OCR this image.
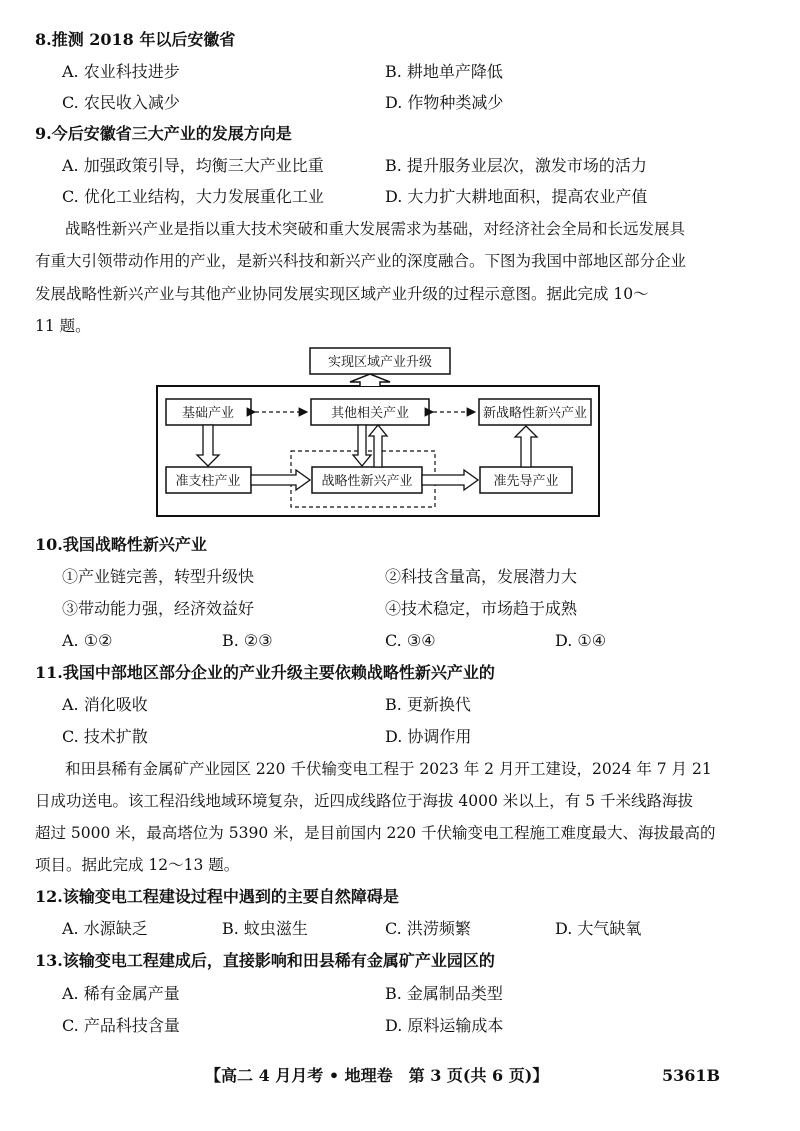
8.推测 2018 年以后安徽省
A. 农业科技进步	B. 耕地单产降低
C. 农民收入减少	D. 作物种类减少
9.今后安徽省三大产业的发展方向是
A. 加强政策引导，均衡三大产业比重	B. 提升服务业层次，激发市场的活力
C. 优化工业结构，大力发展重化工业	D. 大力扩大耕地面积，提高农业产值
战略性新兴产业是指以重大技术突破和重大发展需求为基础，对经济社会全局和长远发展具
有重大引领带动作用的产业，是新兴科技和新兴产业的深度融合。下图为我国中部地区部分企业
发展战略性新兴产业与其他产业协同发展实现区域产业升级的过程示意图。据此完成 10～
11 题。
实现区域产业升级
基础产业	其他相关产业	新战略性新兴产业
准支柱产业	战略性新兴产业	准先导产业
10.我国战略性新兴产业
①产业链完善，转型升级快	②科技含量高，发展潜力大
③带动能力强，经济效益好	④技术稳定，市场趋于成熟
A. ①②	B. ②③	C. ③④	D. ①④
11.我国中部地区部分企业的产业升级主要依赖战略性新兴产业的
A. 消化吸收	B. 更新换代
C. 技术扩散	D. 协调作用
和田县稀有金属矿产业园区 220 千伏输变电工程于 2023 年 2 月开工建设，2024 年 7 月 21
日成功送电。该工程沿线地域环境复杂，近四成线路位于海拔 4000 米以上，有 5 千米线路海拔
超过 5000 米，最高塔位为 5390 米，是目前国内 220 千伏输变电工程施工难度最大、海拔最高的
项目。据此完成 12～13 题。
12.该输变电工程建设过程中遇到的主要自然障碍是
A. 水源缺乏	B. 蚊虫滋生	C. 洪涝频繁	D. 大气缺氧
13.该输变电工程建成后，直接影响和田县稀有金属矿产业园区的
A. 稀有金属产量	B. 金属制品类型
C. 产品科技含量	D. 原料运输成本
【高二 4 月月考 • 地理卷　第 3 页(共 6 页)】	5361B
